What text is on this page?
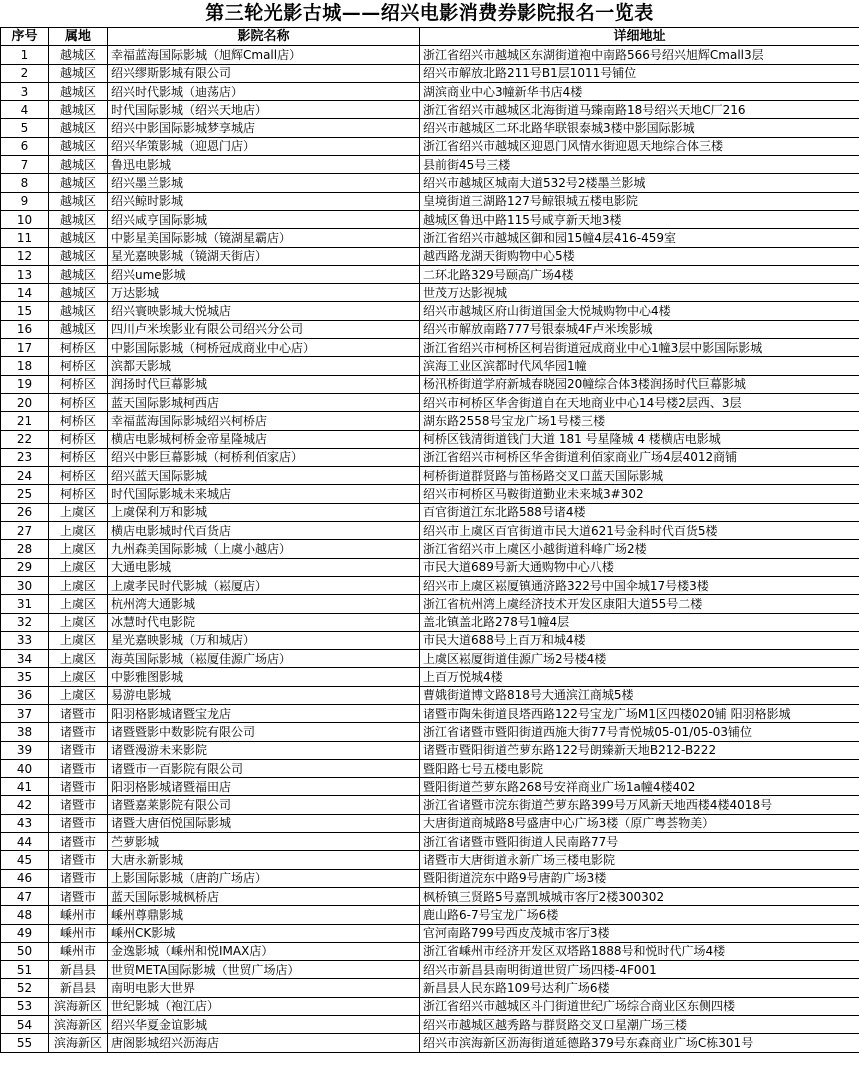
第三轮光影古城——绍兴电影消费券影院报名一览表
序号	属地	影院名称	详细地址
1	越城区	幸福蓝海国际影城（旭辉Cmall店）	浙江省绍兴市越城区东湖街道袍中南路566号绍兴旭辉Cmall3层
2	越城区	绍兴缪斯影城有限公司	绍兴市解放北路211号B1层1011号铺位
3	越城区	绍兴时代影城（迪荡店）	湖滨商业中心3幢新华书店4楼
4	越城区	时代国际影城（绍兴天地店）	浙江省绍兴市越城区北海街道马臻南路18号绍兴天地C厂216
5	越城区	绍兴中影国际影城梦享城店	绍兴市越城区二环北路华联银泰城3楼中影国际影城
6	越城区	绍兴华策影城（迎恩门店）	浙江省绍兴市越城区迎恩门风情水街迎恩天地综合体三楼
7	越城区	鲁迅电影城	县前街45号三楼
8	越城区	绍兴墨兰影城	绍兴市越城区城南大道532号2楼墨兰影城
9	越城区	绍兴鲸时影城	皇境街道三湖路127号鲸银城五楼电影院
10	越城区	绍兴咸亨国际影城	越城区鲁迅中路115号咸亨新天地3楼
11	越城区	中影星美国际影城（镜湖星霸店）	浙江省绍兴市越城区御和园15幢4层416-459室
12	越城区	星光嘉映影城（镜湖天街店）	越西路龙湖天街购物中心5楼
13	越城区	绍兴ume影城	二环北路329号颐高广场4楼
14	越城区	万达影城	世茂万达影视城
15	越城区	绍兴寰映影城大悦城店	绍兴市越城区府山街道国金大悦城购物中心4楼
16	越城区	四川卢米埃影业有限公司绍兴分公司	绍兴市解放南路777号银泰城4F卢米埃影城
17	柯桥区	中影国际影城（柯桥冠成商业中心店）	浙江省绍兴市柯桥区柯岩街道冠成商业中心1幢3层中影国际影城
18	柯桥区	滨都天影城	滨海工业区滨都时代风华园1幢
19	柯桥区	润扬时代巨幕影城	杨汛桥街道学府新城春晓园20幢综合体3楼润扬时代巨幕影城
20	柯桥区	蓝天国际影城柯西店	绍兴市柯桥区华舍街道自在天地商业中心14号楼2层西、3层
21	柯桥区	幸福蓝海国际影城绍兴柯桥店	湖东路2558号宝龙广场1号楼三楼
22	柯桥区	横店电影城柯桥金帝星隆城店	柯桥区钱清街道钱门大道 181 号星隆城 4 楼横店电影城
23	柯桥区	绍兴中影巨幕影城（柯桥利佰家店）	浙江省绍兴市柯桥区华舍街道利佰家商业广场4层4012商铺
24	柯桥区	绍兴蓝天国际影城	柯桥街道群贤路与笛杨路交叉口蓝天国际影城
25	柯桥区	时代国际影城未来城店	绍兴市柯桥区马鞍街道勤业未来城3#302
26	上虞区	上虞保利万和影城	百官街道江东北路588号诸4楼
27	上虞区	横店电影城时代百货店	绍兴市上虞区百官街道市民大道621号金科时代百货5楼
28	上虞区	九州森美国际影城（上虞小越店）	浙江省绍兴市上虞区小越街道科峰广场2楼
29	上虞区	大通电影城	市民大道689号新大通购物中心八楼
30	上虞区	上虞孝民时代影城（崧厦店）	绍兴市上虞区崧厦镇通济路322号中国伞城17号楼3楼
31	上虞区	杭州湾大通影城	浙江省杭州湾上虞经济技术开发区康阳大道55号二楼
32	上虞区	冰慧时代电影院	盖北镇盖北路278号1幢4层
33	上虞区	星光嘉映影城（万和城店）	市民大道688号上百万和城4楼
34	上虞区	海英国际影城（崧厦佳源广场店）	上虞区崧厦街道佳源广场2号楼4楼
35	上虞区	中影雅图影城	上百万悦城4楼
36	上虞区	易游电影城	曹娥街道博文路818号大通滨江商城5楼
37	诸暨市	阳羽格影城诸暨宝龙店	诸暨市陶朱街道艮塔西路122号宝龙广场M1区四楼020铺 阳羽格影城
38	诸暨市	诸暨暨影中数影院有限公司	浙江省诸暨市暨阳街道西施大街77号青悦城05-01/05-03铺位
39	诸暨市	诸暨漫游未来影院	诸暨市暨阳街道苎萝东路122号朗臻新天地B212-B222
40	诸暨市	诸暨市一百影院有限公司	暨阳路七号五楼电影院
41	诸暨市	阳羽格影城诸暨福田店	暨阳街道苎萝东路268号安祥商业广场1a幢4楼402
42	诸暨市	诸暨嘉莱影院有限公司	浙江省诸暨市浣东街道苎萝东路399号万风新天地西楼4楼4018号
43	诸暨市	诸暨大唐佰悦国际影城	大唐街道商城路8号盛唐中心广场3楼（原广粤荟物美）
44	诸暨市	苎萝影城	浙江省诸暨市暨阳街道人民南路77号
45	诸暨市	大唐永新影城	诸暨市大唐街道永新广场三楼电影院
46	诸暨市	上影国际影城（唐韵广场店）	暨阳街道浣东中路9号唐韵广场3楼
47	诸暨市	蓝天国际影城枫桥店	枫桥镇三贤路5号嘉凯城城市客厅2楼300302
48	嵊州市	嵊州尊鼎影城	鹿山路6-7号宝龙广场6楼
49	嵊州市	嵊州CK影城	官河南路799号西皮茂城市客厅3楼
50	嵊州市	金逸影城（嵊州和悦IMAX店）	浙江省嵊州市经济开发区双塔路1888号和悦时代广场4楼
51	新昌县	世贸META国际影城（世贸广场店）	绍兴市新昌县南明街道世贸广场四楼-4F001
52	新昌县	南明电影大世界	新昌县人民东路109号达利广场6楼
53	滨海新区	世纪影城（袍江店）	浙江省绍兴市越城区斗门街道世纪广场综合商业区东侧四楼
54	滨海新区	绍兴华夏金谊影城	绍兴市越城区越秀路与群贤路交叉口星潮广场三楼
55	滨海新区	唐阁影城绍兴沥海店	绍兴市滨海新区沥海街道延德路379号东森商业广场C栋301号
